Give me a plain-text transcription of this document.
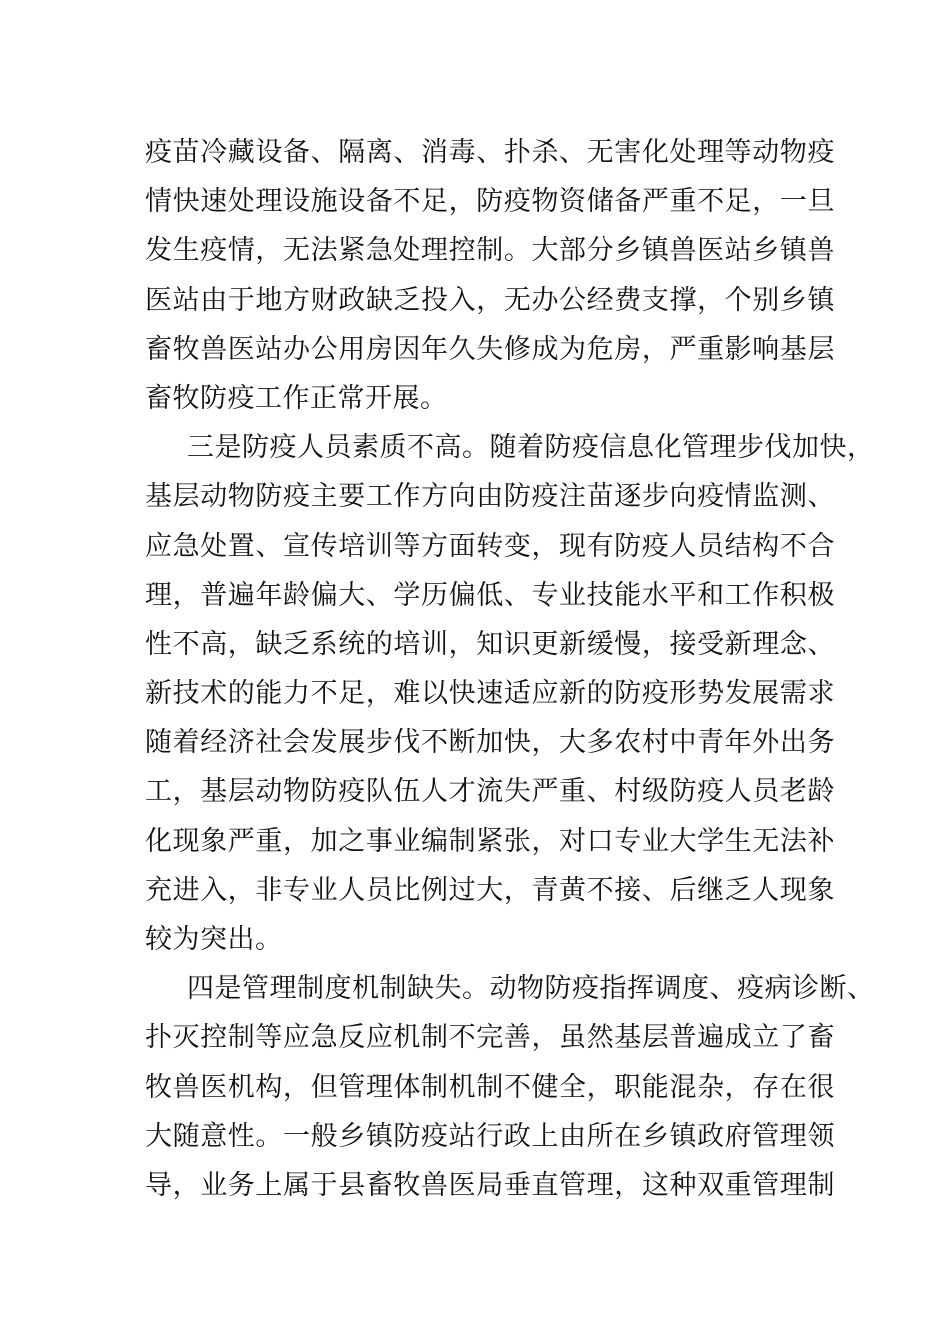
疫苗冷藏设备、隔离、消毒、扑杀、无害化处理等动物疫
情快速处理设施设备不足，防疫物资储备严重不足，一旦
发生疫情，无法紧急处理控制。大部分乡镇兽医站乡镇兽
医站由于地方财政缺乏投入，无办公经费支撑，个别乡镇
畜牧兽医站办公用房因年久失修成为危房，严重影响基层
畜牧防疫工作正常开展。
三是防疫人员素质不高。随着防疫信息化管理步伐加快，
基层动物防疫主要工作方向由防疫注苗逐步向疫情监测、
应急处置、宣传培训等方面转变，现有防疫人员结构不合
理，普遍年龄偏大、学历偏低、专业技能水平和工作积极
性不高，缺乏系统的培训，知识更新缓慢，接受新理念、
新技术的能力不足，难以快速适应新的防疫形势发展需求
随着经济社会发展步伐不断加快，大多农村中青年外出务
工，基层动物防疫队伍人才流失严重、村级防疫人员老龄
化现象严重，加之事业编制紧张，对口专业大学生无法补
充进入，非专业人员比例过大，青黄不接、后继乏人现象
较为突出。
四是管理制度机制缺失。动物防疫指挥调度、疫病诊断、
扑灭控制等应急反应机制不完善，虽然基层普遍成立了畜
牧兽医机构，但管理体制机制不健全，职能混杂，存在很
大随意性。一般乡镇防疫站行政上由所在乡镇政府管理领
导，业务上属于县畜牧兽医局垂直管理，这种双重管理制
